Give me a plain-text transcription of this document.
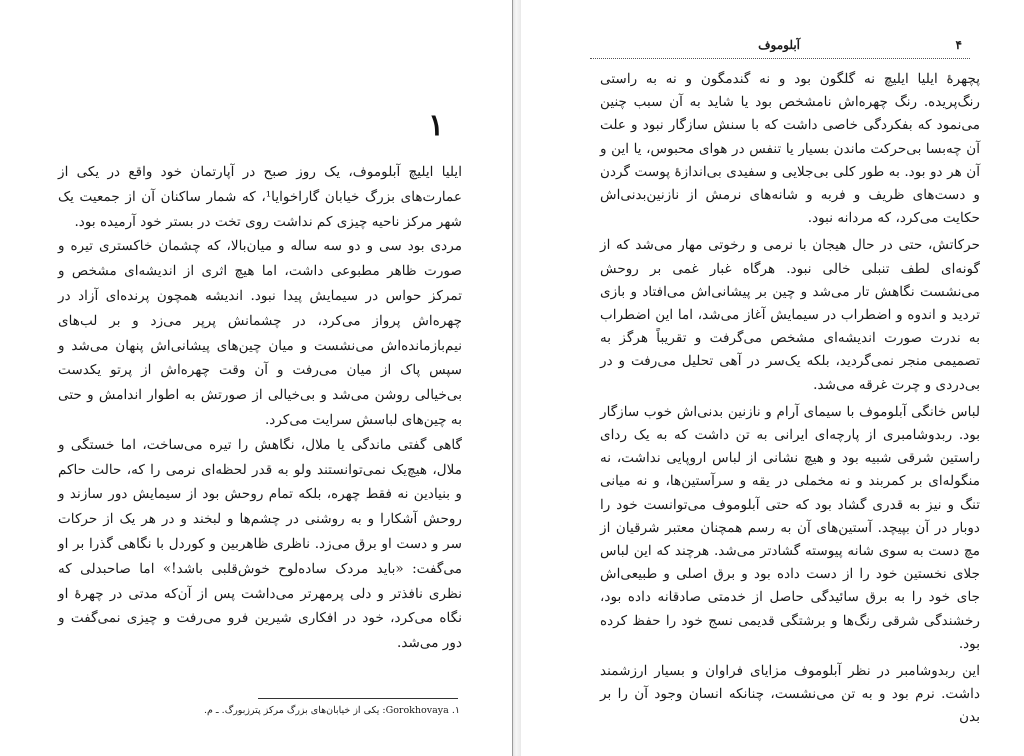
۱

ایلیا ایلیچ آبلوموف، یک روز صبح در آپارتمان خود واقع در یکی از عمارت‌های بزرگ خیابان گاراخوایا¹، که شمار ساکنان آن از جمعیت یک شهر مرکز ناحیه چیزی کم نداشت روی تخت در بستر خود آرمیده بود.

مردی بود سی و دو سه ساله و میان‌بالا، که چشمان خاکستری تیره و صورت ظاهر مطبوعی داشت، اما هیچ اثری از اندیشه‌ای مشخص و تمرکز حواس در سیمایش پیدا نبود. اندیشه همچون پرنده‌ای آزاد در چهره‌اش پرواز می‌کرد، در چشمانش پرپر می‌زد و بر لب‌های نیم‌بازمانده‌اش می‌نشست و میان چین‌های پیشانی‌اش پنهان می‌شد و سپس پاک از میان می‌رفت و آن وقت چهره‌اش از پرتو یکدست بی‌خیالی روشن می‌شد و بی‌خیالی از صورتش به اطوار اندامش و حتی به چین‌های لباسش سرایت می‌کرد.

گاهی گفتی ماندگی یا ملال، نگاهش را تیره می‌ساخت، اما خستگی و ملال، هیچ‌یک نمی‌توانستند ولو به قدر لحظه‌ای نرمی را که، حالت حاکم و بنیادین نه فقط چهره، بلکه تمام روحش بود از سیمایش دور سازند و روحش آشکارا و به روشنی در چشم‌ها و لبخند و در هر یک از حرکات سر و دست او برق می‌زد. ناظری ظاهربین و کوردل با نگاهی گذرا بر او می‌گفت: «باید مردک ساده‌لوح خوش‌قلبی باشد!» اما صاحبدلی که نظری نافذتر و دلی پرمهرتر می‌داشت پس از آن‌که مدتی در چهرهٔ او نگاه می‌کرد، خود در افکاری شیرین فرو می‌رفت و چیزی نمی‌گفت و دور می‌شد.

۱. Gorokhovaya: یکی از خیابان‌های بزرگ مرکز پترزبورگ. ـ م.
۴
آبلوموف

پچهرهٔ ایلیا ایلیچ نه گلگون بود و نه گندمگون و نه به راستی رنگ‌پریده. رنگ چهره‌اش نامشخص بود یا شاید به آن سبب چنین می‌نمود که بفکردگی خاصی داشت که با سنش سازگار نبود و علت آن چه‌بسا بی‌حرکت ماندن بسیار یا تنفس در هوای محبوس، یا این و آن هر دو بود. به طور کلی بی‌جلایی و سفیدی بی‌اندازهٔ پوست گردن و دست‌های ظریف و فربه و شانه‌های نرمش از نازنین‌بدنی‌اش حکایت می‌کرد، که مردانه نبود.

حرکاتش، حتی در حال هیجان با نرمی و رخوتی مهار می‌شد که از گونه‌ای لطف تنبلی خالی نبود. هرگاه غبار غمی بر روحش می‌نشست نگاهش تار می‌شد و چین بر پیشانی‌اش می‌افتاد و بازی تردید و اندوه و اضطراب در سیمایش آغاز می‌شد، اما این اضطراب به ندرت صورت اندیشه‌ای مشخص می‌گرفت و تقریباً هرگز به تصمیمی منجر نمی‌گردید، بلکه یک‌سر در آهی تحلیل می‌رفت و در بی‌دردی و چرت غرقه می‌شد.

لباس خانگی آبلوموف با سیمای آرام و نازنین بدنی‌اش خوب سازگار بود. ربدوشامبری از پارچه‌ای ایرانی به تن داشت که به یک ردای راستین شرقی شبیه بود و هیچ نشانی از لباس اروپایی نداشت، نه منگوله‌ای بر کمربند و نه مخملی در یقه و سرآستین‌ها، و نه میانی تنگ و نیز به قدری گشاد بود که حتی آبلوموف می‌توانست خود را دوبار در آن بپیچد. آستین‌های آن به رسم همچنان معتبر شرقیان از مچ دست به سوی شانه پیوسته گشادتر می‌شد. هرچند که این لباس جلای نخستین خود را از دست داده بود و برق اصلی و طبیعی‌اش جای خود را به برق سائیدگی حاصل از خدمتی صادقانه داده بود، رخشندگی شرقی رنگ‌ها و برشتگی قدیمی نسج خود را حفظ کرده بود.

این ربدوشامبر در نظر آبلوموف مزایای فراوان و بسیار ارزشمند داشت. نرم بود و به تن می‌نشست، چنانکه انسان وجود آن را بر بدن
